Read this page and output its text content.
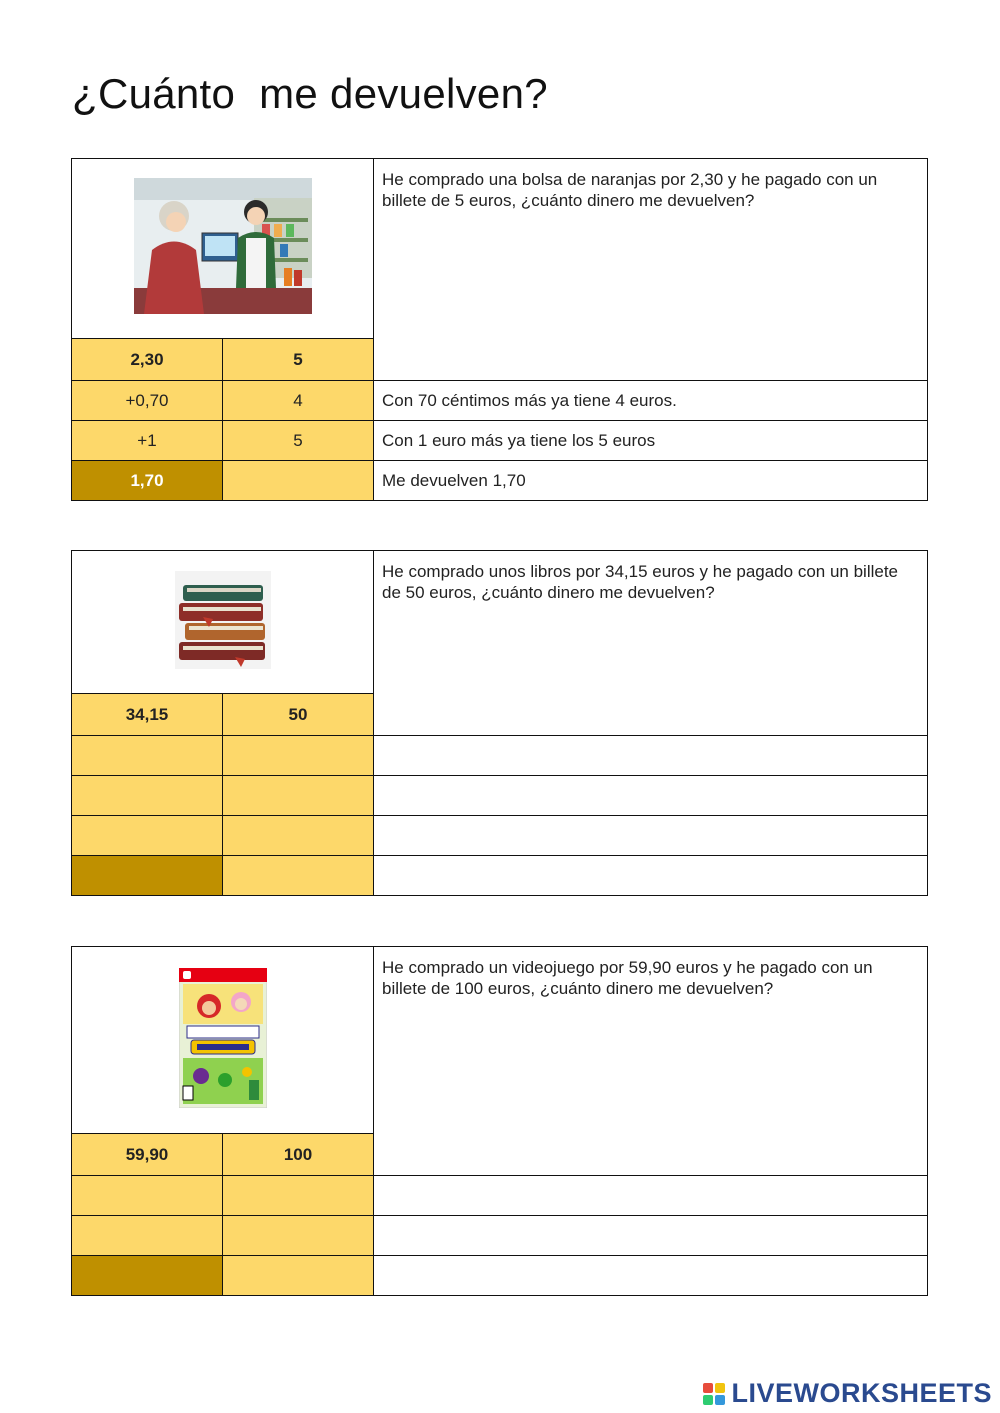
¿Cuánto  me devuelven?
	He comprado una bolsa de naranjas por 2,30 y he pagado con un billete de 5 euros, ¿cuánto dinero me devuelven?
2,30	5	
+0,70	4	Con 70 céntimos más ya tiene 4 euros.
+1	5	Con 1 euro más ya tiene los 5 euros
1,70		Me devuelven 1,70
	He comprado unos libros por 34,15 euros y he pagado con un billete de 50 euros, ¿cuánto dinero me devuelven?
34,15	50	

	He comprado un videojuego por 59,90 euros y he pagado con un billete de 100 euros, ¿cuánto dinero me devuelven?
59,90	100	

LIVEWORKSHEETS
